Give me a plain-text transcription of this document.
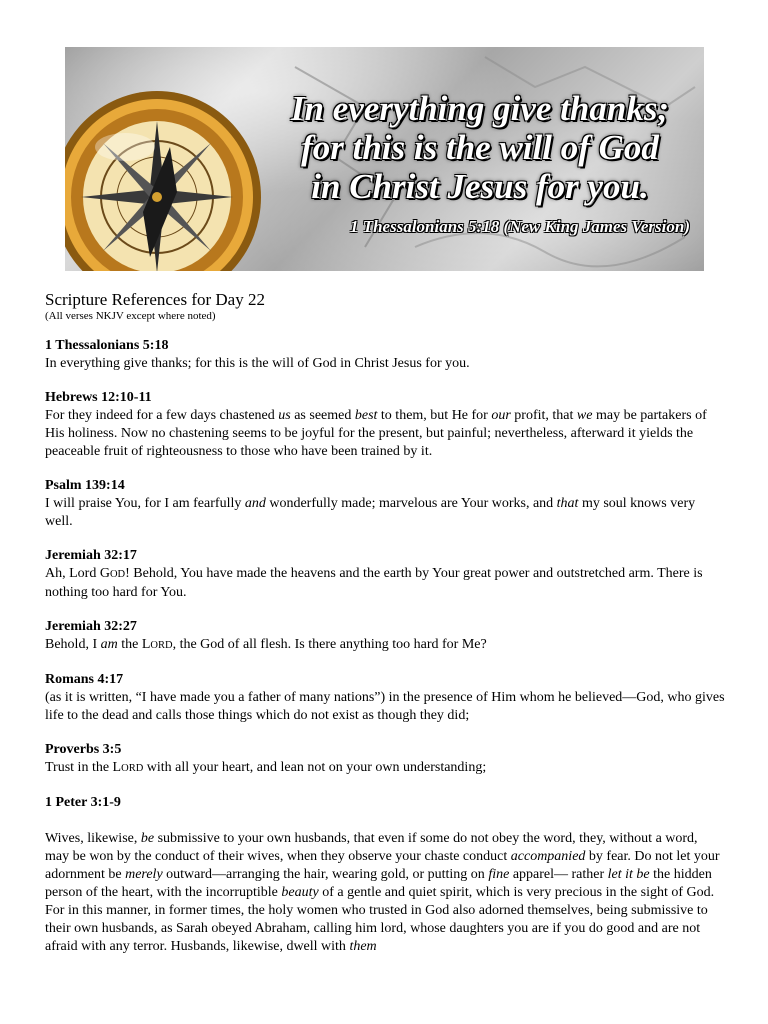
In everything give thanks;
for this is the will of God
in Christ Jesus for you.
1 Thessalonians 5:18 (New King James Version)
Scripture References for Day 22
(All verses NKJV except where noted)
1 Thessalonians 5:18
In everything give thanks; for this is the will of God in Christ Jesus for you.
Hebrews 12:10-11
For they indeed for a few days chastened us as seemed best to them, but He for our profit, that we may be partakers of His holiness. Now no chastening seems to be joyful for the present, but painful; nevertheless, afterward it yields the peaceable fruit of righteousness to those who have been trained by it.
Psalm 139:14
I will praise You, for I am fearfully and wonderfully made; marvelous are Your works, and that my soul knows very well.
Jeremiah 32:17
Ah, Lord GOD! Behold, You have made the heavens and the earth by Your great power and outstretched arm. There is nothing too hard for You.
Jeremiah 32:27
Behold, I am the LORD, the God of all flesh. Is there anything too hard for Me?
Romans 4:17
(as it is written, “I have made you a father of many nations”) in the presence of Him whom he believed—God, who gives life to the dead and calls those things which do not exist as though they did;
Proverbs 3:5
Trust in the LORD with all your heart, and lean not on your own understanding;
1 Peter 3:1-9
Wives, likewise, be submissive to your own husbands, that even if some do not obey the word, they, without a word, may be won by the conduct of their wives, when they observe your chaste conduct accompanied by fear. Do not let your adornment be merely outward—arranging the hair, wearing gold, or putting on fine apparel— rather let it be the hidden person of the heart, with the incorruptible beauty of a gentle and quiet spirit, which is very precious in the sight of God. For in this manner, in former times, the holy women who trusted in God also adorned themselves, being submissive to their own husbands, as Sarah obeyed Abraham, calling him lord, whose daughters you are if you do good and are not afraid with any terror. Husbands, likewise, dwell with them
